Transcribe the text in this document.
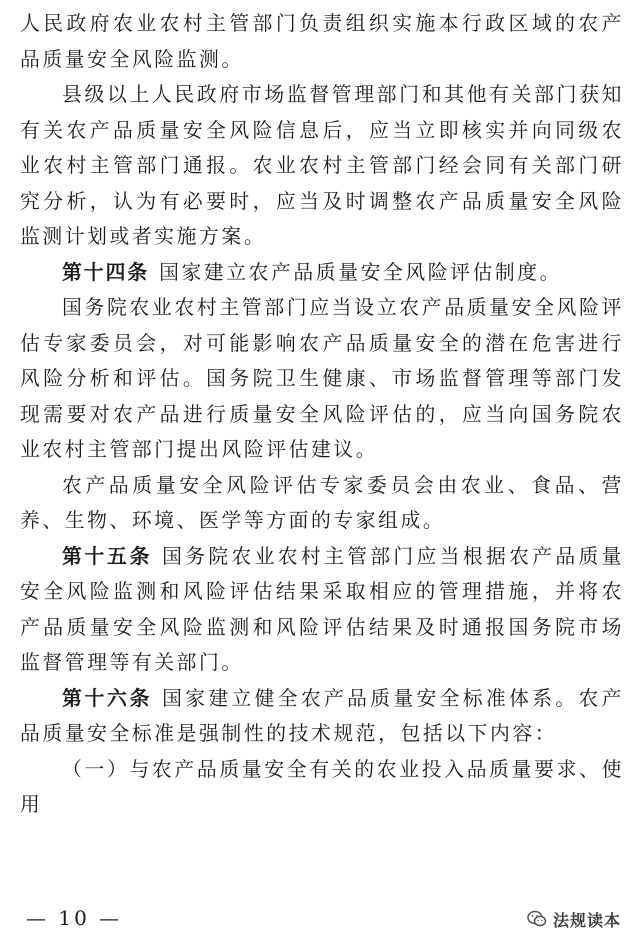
人民政府农业农村主管部门负责组织实施本行政区域的农产品质量安全风险监测。

县级以上人民政府市场监督管理部门和其他有关部门获知有关农产品质量安全风险信息后，应当立即核实并向同级农业农村主管部门通报。农业农村主管部门经会同有关部门研究分析，认为有必要时，应当及时调整农产品质量安全风险监测计划或者实施方案。

第十四条 国家建立农产品质量安全风险评估制度。

国务院农业农村主管部门应当设立农产品质量安全风险评估专家委员会，对可能影响农产品质量安全的潜在危害进行风险分析和评估。国务院卫生健康、市场监督管理等部门发现需要对农产品进行质量安全风险评估的，应当向国务院农业农村主管部门提出风险评估建议。

农产品质量安全风险评估专家委员会由农业、食品、营养、生物、环境、医学等方面的专家组成。

第十五条 国务院农业农村主管部门应当根据农产品质量安全风险监测和风险评估结果采取相应的管理措施，并将农产品质量安全风险监测和风险评估结果及时通报国务院市场监督管理等有关部门。

第十六条 国家建立健全农产品质量安全标准体系。农产品质量安全标准是强制性的技术规范，包括以下内容：

（一）与农产品质量安全有关的农业投入品质量要求、使用

— 10 —	法规读本
